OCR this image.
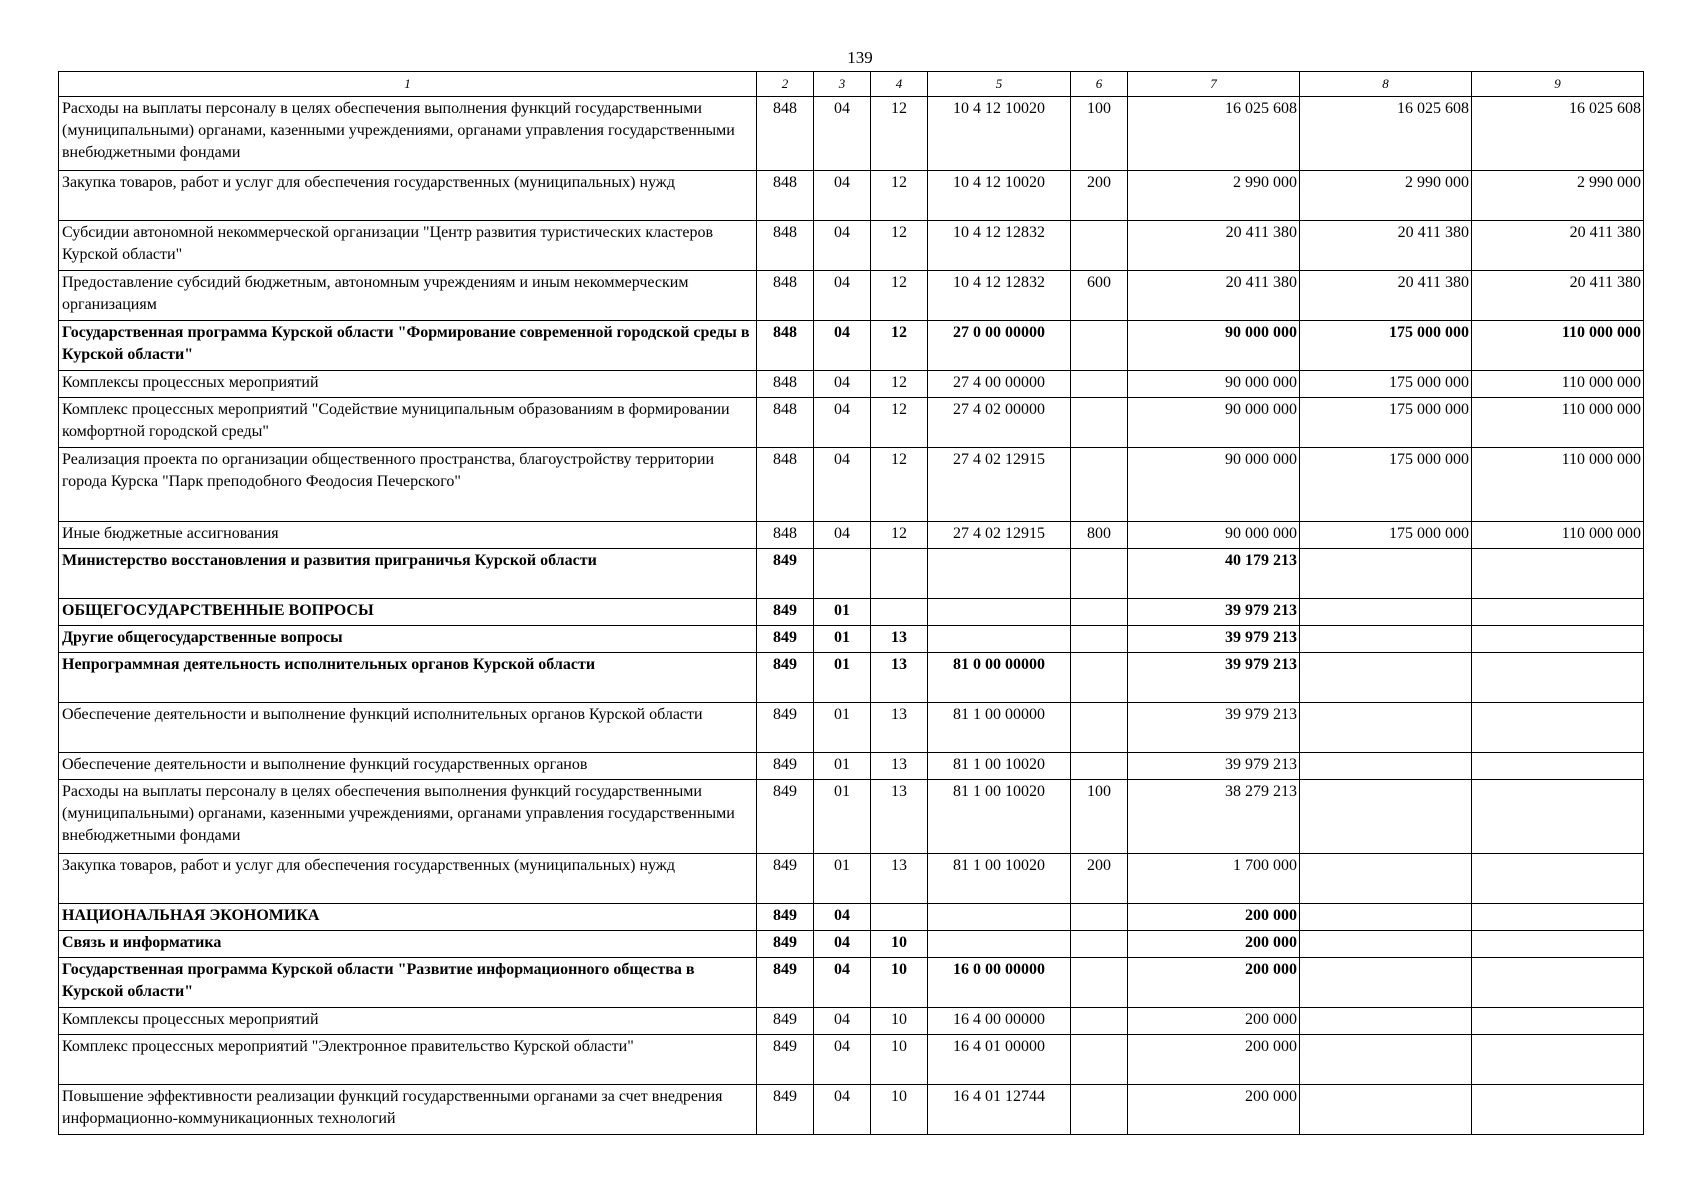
139
1	2	3	4	5	6	7	8	9
Расходы на выплаты персоналу в целях обеспечения выполнения функций государственными (муниципальными) органами, казенными учреждениями, органами управления государственными внебюджетными фондами	848	04	12	10 4 12 10020	100	16 025 608	16 025 608	16 025 608
Закупка товаров, работ и услуг для обеспечения государственных (муниципальных) нужд	848	04	12	10 4 12 10020	200	2 990 000	2 990 000	2 990 000
Субсидии автономной некоммерческой организации "Центр развития туристических кластеров Курской области"	848	04	12	10 4 12 12832		20 411 380	20 411 380	20 411 380
Предоставление субсидий бюджетным, автономным учреждениям и иным некоммерческим организациям	848	04	12	10 4 12 12832	600	20 411 380	20 411 380	20 411 380
Государственная программа Курской области "Формирование современной городской среды в Курской области"	848	04	12	27 0 00 00000		90 000 000	175 000 000	110 000 000
Комплексы процессных мероприятий	848	04	12	27 4 00 00000		90 000 000	175 000 000	110 000 000
Комплекс процессных мероприятий "Содействие муниципальным образованиям в формировании комфортной городской среды"	848	04	12	27 4 02 00000		90 000 000	175 000 000	110 000 000
Реализация проекта по организации общественного пространства, благоустройству территории города Курска "Парк преподобного Феодосия Печерского"	848	04	12	27 4 02 12915		90 000 000	175 000 000	110 000 000
Иные бюджетные ассигнования	848	04	12	27 4 02 12915	800	90 000 000	175 000 000	110 000 000
Министерство восстановления и развития приграничья Курской области	849					40 179 213		
ОБЩЕГОСУДАРСТВЕННЫЕ ВОПРОСЫ	849	01				39 979 213		
Другие общегосударственные вопросы	849	01	13			39 979 213		
Непрограммная деятельность исполнительных органов Курской области	849	01	13	81 0 00 00000		39 979 213		
Обеспечение деятельности и выполнение функций исполнительных органов Курской области	849	01	13	81 1 00 00000		39 979 213		
Обеспечение деятельности и выполнение функций государственных органов	849	01	13	81 1 00 10020		39 979 213		
Расходы на выплаты персоналу в целях обеспечения выполнения функций государственными (муниципальными) органами, казенными учреждениями, органами управления государственными внебюджетными фондами	849	01	13	81 1 00 10020	100	38 279 213		
Закупка товаров, работ и услуг для обеспечения государственных (муниципальных) нужд	849	01	13	81 1 00 10020	200	1 700 000		
НАЦИОНАЛЬНАЯ ЭКОНОМИКА	849	04				200 000		
Связь и информатика	849	04	10			200 000		
Государственная программа Курской области "Развитие информационного общества в Курской области"	849	04	10	16 0 00 00000		200 000		
Комплексы процессных мероприятий	849	04	10	16 4 00 00000		200 000		
Комплекс процессных мероприятий "Электронное правительство Курской области"	849	04	10	16 4 01 00000		200 000		
Повышение эффективности реализации функций государственными органами за счет внедрения информационно-коммуникационных технологий	849	04	10	16 4 01 12744		200 000		
